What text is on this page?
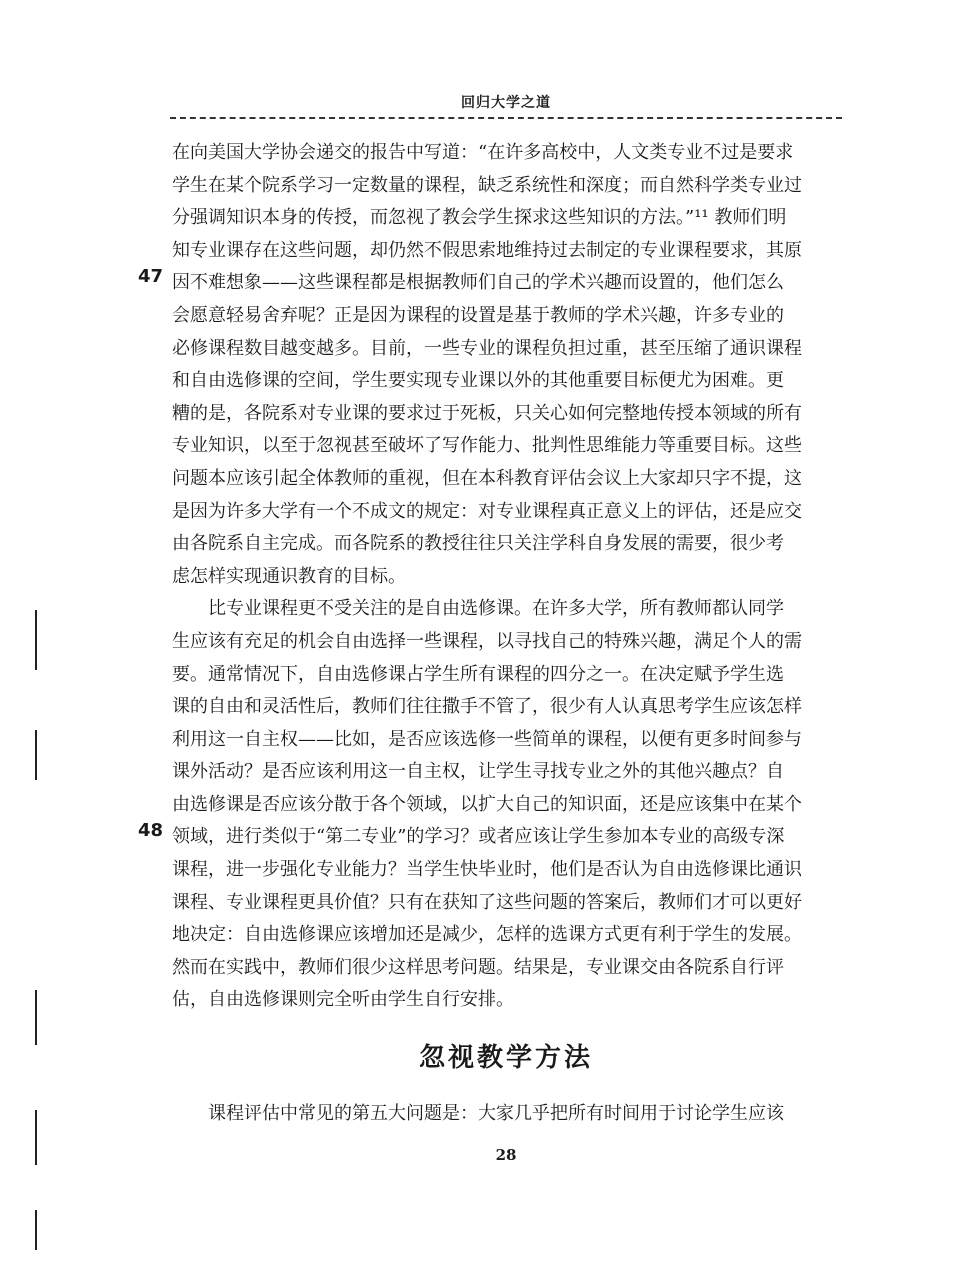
回归大学之道
47
48
在向美国大学协会递交的报告中写道：“在许多高校中，人文类专业不过是要求
学生在某个院系学习一定数量的课程，缺乏系统性和深度；而自然科学类专业过
分强调知识本身的传授，而忽视了教会学生探求这些知识的方法。”¹¹ 教师们明
知专业课存在这些问题，却仍然不假思索地维持过去制定的专业课程要求，其原
因不难想象——这些课程都是根据教师们自己的学术兴趣而设置的，他们怎么
会愿意轻易舍弃呢？正是因为课程的设置是基于教师的学术兴趣，许多专业的
必修课程数目越变越多。目前，一些专业的课程负担过重，甚至压缩了通识课程
和自由选修课的空间，学生要实现专业课以外的其他重要目标便尤为困难。更
糟的是，各院系对专业课的要求过于死板，只关心如何完整地传授本领域的所有
专业知识，以至于忽视甚至破坏了写作能力、批判性思维能力等重要目标。这些
问题本应该引起全体教师的重视，但在本科教育评估会议上大家却只字不提，这
是因为许多大学有一个不成文的规定：对专业课程真正意义上的评估，还是应交
由各院系自主完成。而各院系的教授往往只关注学科自身发展的需要，很少考
虑怎样实现通识教育的目标。
比专业课程更不受关注的是自由选修课。在许多大学，所有教师都认同学
生应该有充足的机会自由选择一些课程，以寻找自己的特殊兴趣，满足个人的需
要。通常情况下，自由选修课占学生所有课程的四分之一。在决定赋予学生选
课的自由和灵活性后，教师们往往撒手不管了，很少有人认真思考学生应该怎样
利用这一自主权——比如，是否应该选修一些简单的课程，以便有更多时间参与
课外活动？是否应该利用这一自主权，让学生寻找专业之外的其他兴趣点？自
由选修课是否应该分散于各个领域，以扩大自己的知识面，还是应该集中在某个
领域，进行类似于“第二专业”的学习？或者应该让学生参加本专业的高级专深
课程，进一步强化专业能力？当学生快毕业时，他们是否认为自由选修课比通识
课程、专业课程更具价值？只有在获知了这些问题的答案后，教师们才可以更好
地决定：自由选修课应该增加还是减少，怎样的选课方式更有利于学生的发展。
然而在实践中，教师们很少这样思考问题。结果是，专业课交由各院系自行评
估，自由选修课则完全听由学生自行安排。
忽视教学方法
课程评估中常见的第五大问题是：大家几乎把所有时间用于讨论学生应该
28
